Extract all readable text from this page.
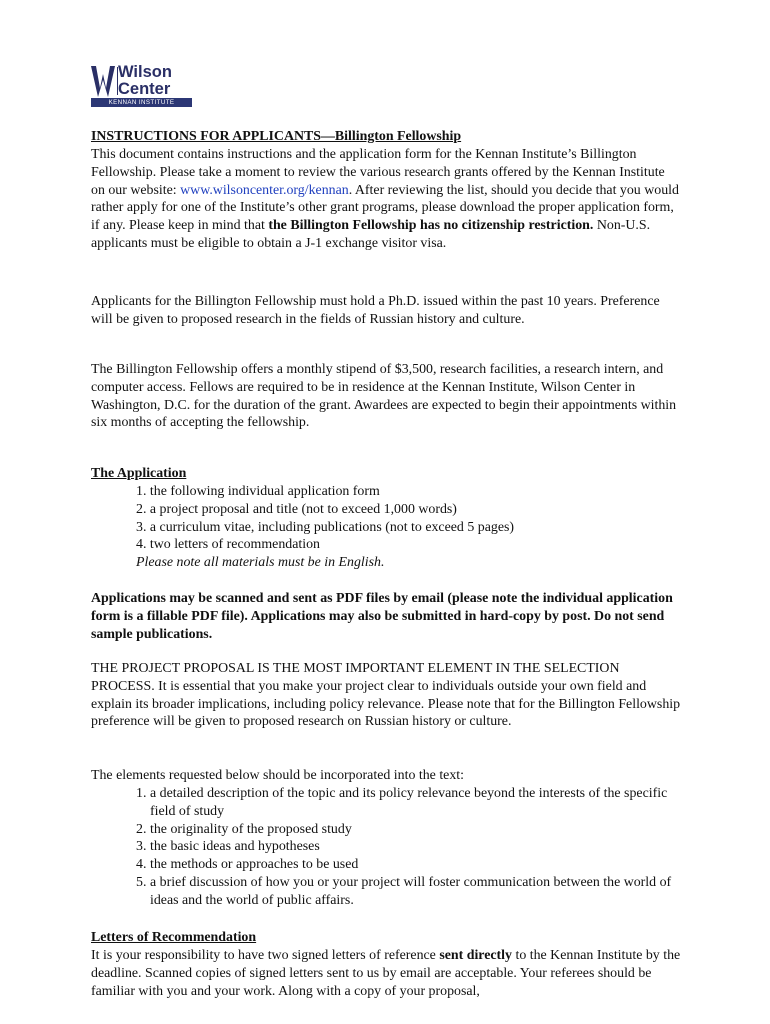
Wilson
Center
KENNAN INSTITUTE

INSTRUCTIONS FOR APPLICANTS—Billington Fellowship

This document contains instructions and the application form for the Kennan Institute’s Billington Fellowship. Please take a moment to review the various research grants offered by the Kennan Institute on our website: www.wilsoncenter.org/kennan. After reviewing the list, should you decide that you would rather apply for one of the Institute’s other grant programs, please download the proper application form, if any. Please keep in mind that the Billington Fellowship has no citizenship restriction. Non-U.S. applicants must be eligible to obtain a J-1 exchange visitor visa.

Applicants for the Billington Fellowship must hold a Ph.D. issued within the past 10 years. Preference will be given to proposed research in the fields of Russian history and culture.

The Billington Fellowship offers a monthly stipend of $3,500, research facilities, a research intern, and computer access. Fellows are required to be in residence at the Kennan Institute, Wilson Center in Washington, D.C. for the duration of the grant. Awardees are expected to begin their appointments within six months of accepting the fellowship.

The Application

1. the following individual application form
2. a project proposal and title (not to exceed 1,000 words)
3. a curriculum vitae, including publications (not to exceed 5 pages)
4. two letters of recommendation
Please note all materials must be in English.

Applications may be scanned and sent as PDF files by email (please note the individual application form is a fillable PDF file). Applications may also be submitted in hard-copy by post. Do not send sample publications.

THE PROJECT PROPOSAL IS THE MOST IMPORTANT ELEMENT IN THE SELECTION PROCESS. It is essential that you make your project clear to individuals outside your own field and explain its broader implications, including policy relevance. Please note that for the Billington Fellowship preference will be given to proposed research on Russian history or culture.

The elements requested below should be incorporated into the text:

1. a detailed description of the topic and its policy relevance beyond the interests of the specific field of study
2. the originality of the proposed study
3. the basic ideas and hypotheses
4. the methods or approaches to be used
5. a brief discussion of how you or your project will foster communication between the world of ideas and the world of public affairs.

Letters of Recommendation

It is your responsibility to have two signed letters of reference sent directly to the Kennan Institute by the deadline. Scanned copies of signed letters sent to us by email are acceptable. Your referees should be familiar with you and your work. Along with a copy of your proposal,
